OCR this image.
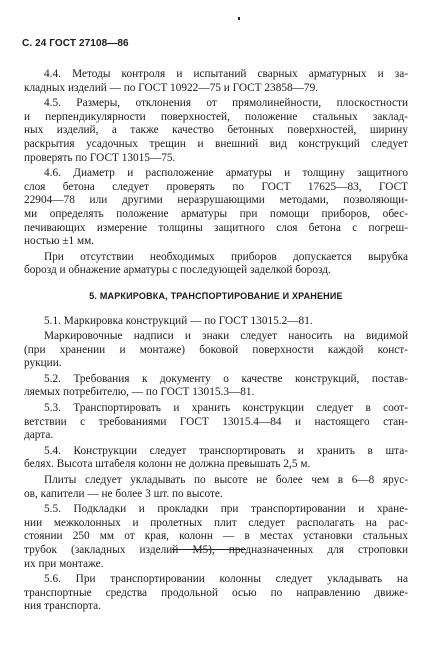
С. 24 ГОСТ 27108—86
4.4. Методы контроля и испытаний сварных арматурных и за-
кладных изделий — по ГОСТ 10922—75 и ГОСТ 23858—79.
4.5. Размеры, отклонения от прямолинейности, плоскостности
и перпендикулярности поверхностей, положение стальных заклад-
ных изделий, а также качество бетонных поверхностей, ширину
раскрытия усадочных трещин и внешний вид конструкций следует
проверять по ГОСТ 13015—75.
4.6. Диаметр и расположение арматуры и толщину защитного
слоя бетона следует проверять по ГОСТ 17625—83, ГОСТ
22904—78 или другими неразрушающими методами, позволяющи-
ми определять положение арматуры при помощи приборов, обес-
печивающих измерение толщины защитного слоя бетона с погреш-
ностью ±1 мм.
При отсутствии необходимых приборов допускается вырубка
борозд и обнажение арматуры с последующей заделкой борозд.
5. МАРКИРОВКА, ТРАНСПОРТИРОВАНИЕ И ХРАНЕНИЕ
5.1. Маркировка конструкций — по ГОСТ 13015.2—81.
Маркировочные надписи и знаки следует наносить на видимой
(при хранении и монтаже) боковой поверхности каждой конст-
рукции.
5.2. Требования к документу о качестве конструкций, постав-
ляемых потребителю, — по ГОСТ 13015.3—81.
5.3. Транспортировать и хранить конструкции следует в соот-
ветствии с требованиями ГОСТ 13015.4—84 и настоящего стан-
дарта.
5.4. Конструкции следует транспортировать и хранить в шта-
белях. Высота штабеля колонн не должна превышать 2,5 м.
Плиты следует укладывать по высоте не более чем в 6—8 ярус-
ов, капители — не более 3 шт. по высоте.
5.5. Подкладки и прокладки при транспортировании и хране-
нии межколонных и пролетных плит следует располагать на рас-
стоянии 250 мм от края, колонн — в местах установки стальных
трубок (закладных изделий М5), предназначенных для строповки
их при монтаже.
5.6. При транспортировании колонны следует укладывать на
транспортные средства продольной осью по направлению движе-
ния транспорта.
